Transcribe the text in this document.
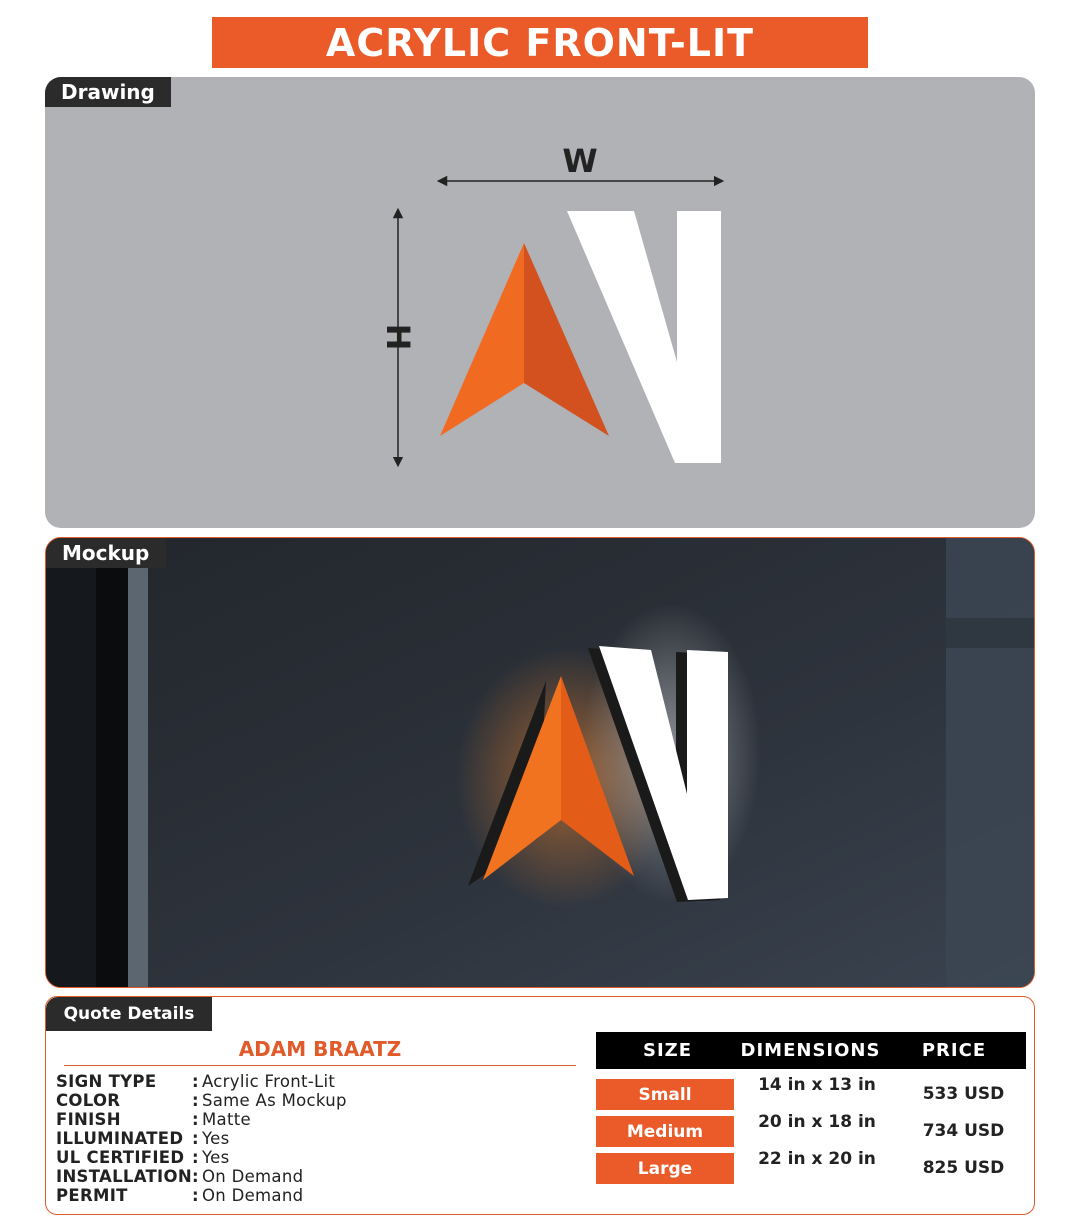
ACRYLIC FRONT-LIT
Drawing
W
H
Mockup
Quote Details
ADAM BRAATZ
SIGN TYPE	: Acrylic Front-Lit
COLOR	: Same As Mockup
FINISH	: Matte
ILLUMINATED : Yes
UL CERTIFIED : Yes
INSTALLATION : On Demand
PERMIT	: On Demand
SIZE	DIMENSIONS	PRICE
Small	14 in x 13 in	533 USD
Medium	20 in x 18 in	734 USD
Large	22 in x 20 in	825 USD
